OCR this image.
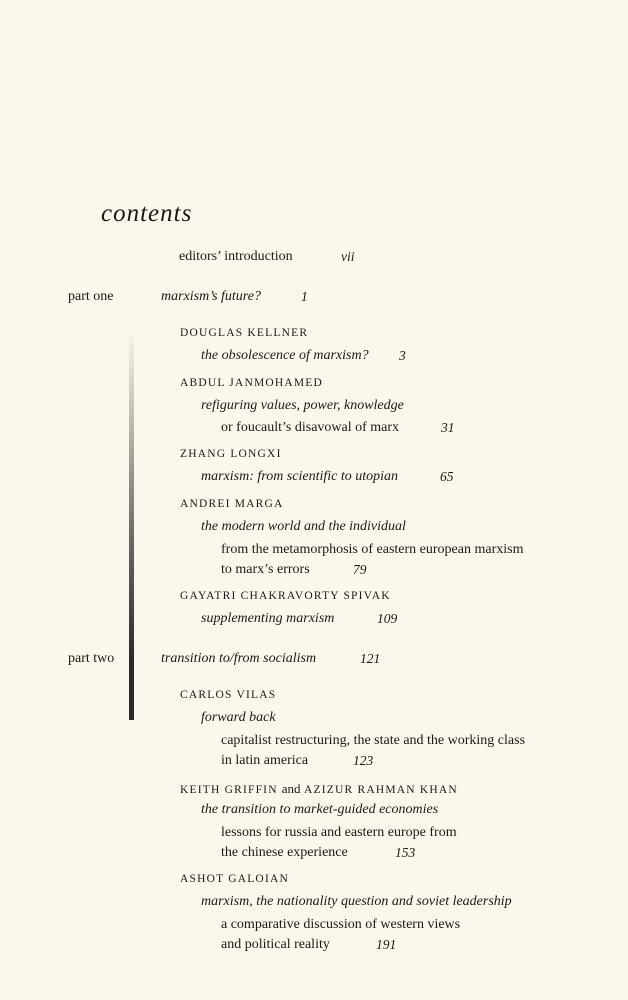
contents
editors’ introduction	vii
part one	marxism’s future?	1
DOUGLAS KELLNER
the obsolescence of marxism? 3
ABDUL JANMOHAMED
refiguring values, power, knowledge
or foucault’s disavowal of marx	31
ZHANG LONGXI
marxism: from scientific to utopian	65
ANDREI MARGA
the modern world and the individual
from the metamorphosis of eastern european marxism
to marx’s errors	79
GAYATRI CHAKRAVORTY SPIVAK
supplementing marxism	109
part two	transition to/from socialism	121
CARLOS VILAS
forward back
capitalist restructuring, the state and the working class
in latin america	123
KEITH GRIFFIN and AZIZUR RAHMAN KHAN
the transition to market-guided economies
lessons for russia and eastern europe from
the chinese experience	153
ASHOT GALOIAN
marxism, the nationality question and soviet leadership
a comparative discussion of western views
and political reality	191
